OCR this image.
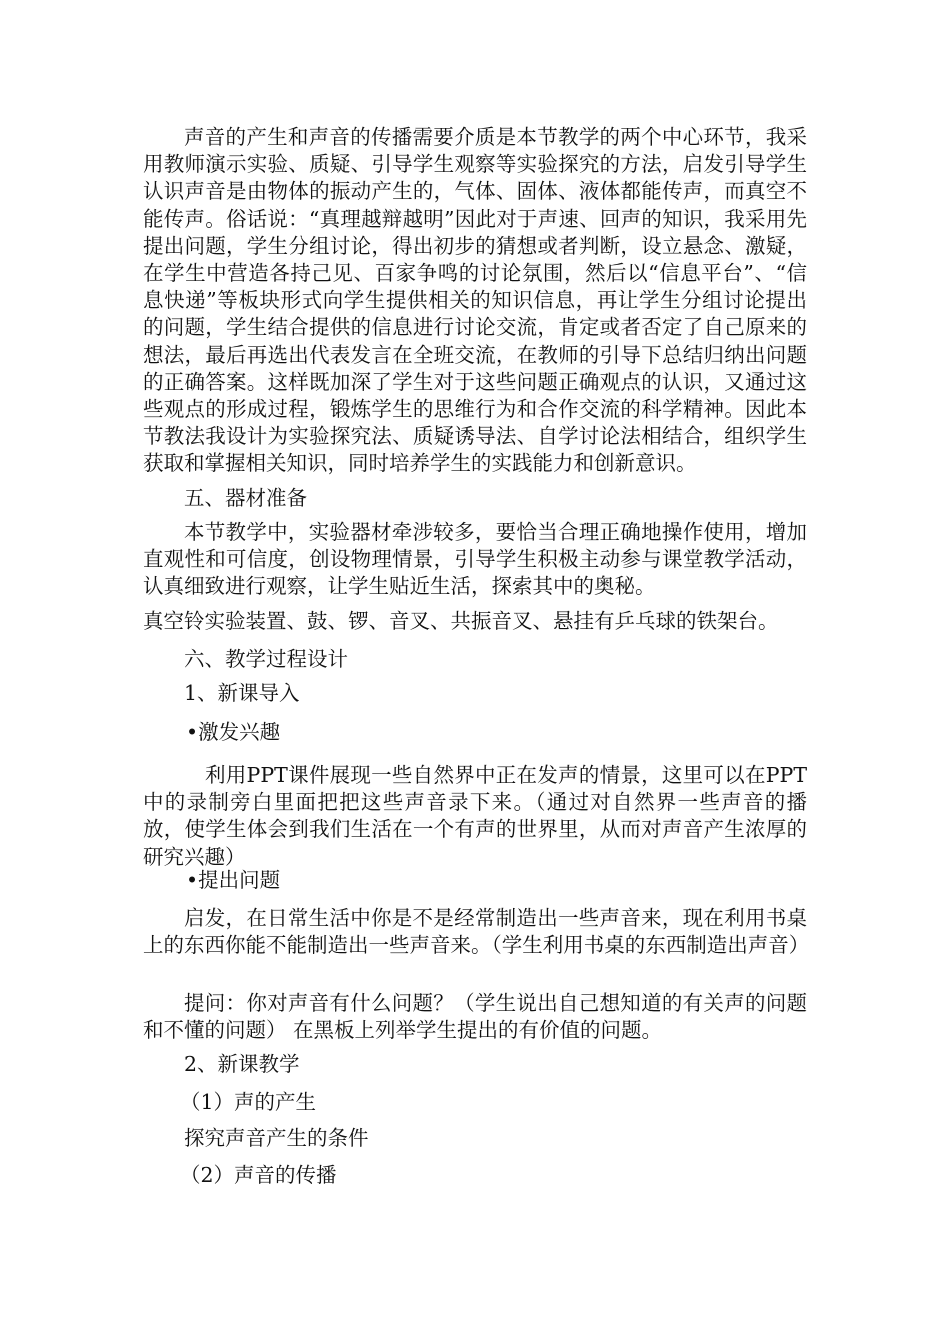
声音的产生和声音的传播需要介质是本节教学的两个中心环节，我采用教师演示实验、质疑、引导学生观察等实验探究的方法，启发引导学生认识声音是由物体的振动产生的，气体、固体、液体都能传声，而真空不能传声。俗话说：“真理越辩越明”因此对于声速、回声的知识，我采用先提出问题，学生分组讨论，得出初步的猜想或者判断，设立悬念、激疑，在学生中营造各持己见、百家争鸣的讨论氛围，然后以“信息平台”、“信息快递”等板块形式向学生提供相关的知识信息，再让学生分组讨论提出的问题，学生结合提供的信息进行讨论交流，肯定或者否定了自己原来的想法，最后再选出代表发言在全班交流，在教师的引导下总结归纳出问题的正确答案。这样既加深了学生对于这些问题正确观点的认识，又通过这些观点的形成过程，锻炼学生的思维行为和合作交流的科学精神。因此本节教法我设计为实验探究法、质疑诱导法、自学讨论法相结合，组织学生获取和掌握相关知识，同时培养学生的实践能力和创新意识。

五、器材准备

本节教学中，实验器材牵涉较多，要恰当合理正确地操作使用，增加直观性和可信度，创设物理情景，引导学生积极主动参与课堂教学活动，认真细致进行观察，让学生贴近生活，探索其中的奥秘。

真空铃实验装置、鼓、锣、音叉、共振音叉、悬挂有乒乓球的铁架台。

六、教学过程设计

1、新课导入

•激发兴趣

利用PPT课件展现一些自然界中正在发声的情景，这里可以在PPT中的录制旁白里面把把这些声音录下来。（通过对自然界一些声音的播放，使学生体会到我们生活在一个有声的世界里，从而对声音产生浓厚的研究兴趣）

•提出问题

启发，在日常生活中你是不是经常制造出一些声音来，现在利用书桌上的东西你能不能制造出一些声音来。（学生利用书桌的东西制造出声音）

提问：你对声音有什么问题？（学生说出自己想知道的有关声的问题和不懂的问题） 在黑板上列举学生提出的有价值的问题。

2、新课教学

（1）声的产生

探究声音产生的条件

（2）声音的传播
